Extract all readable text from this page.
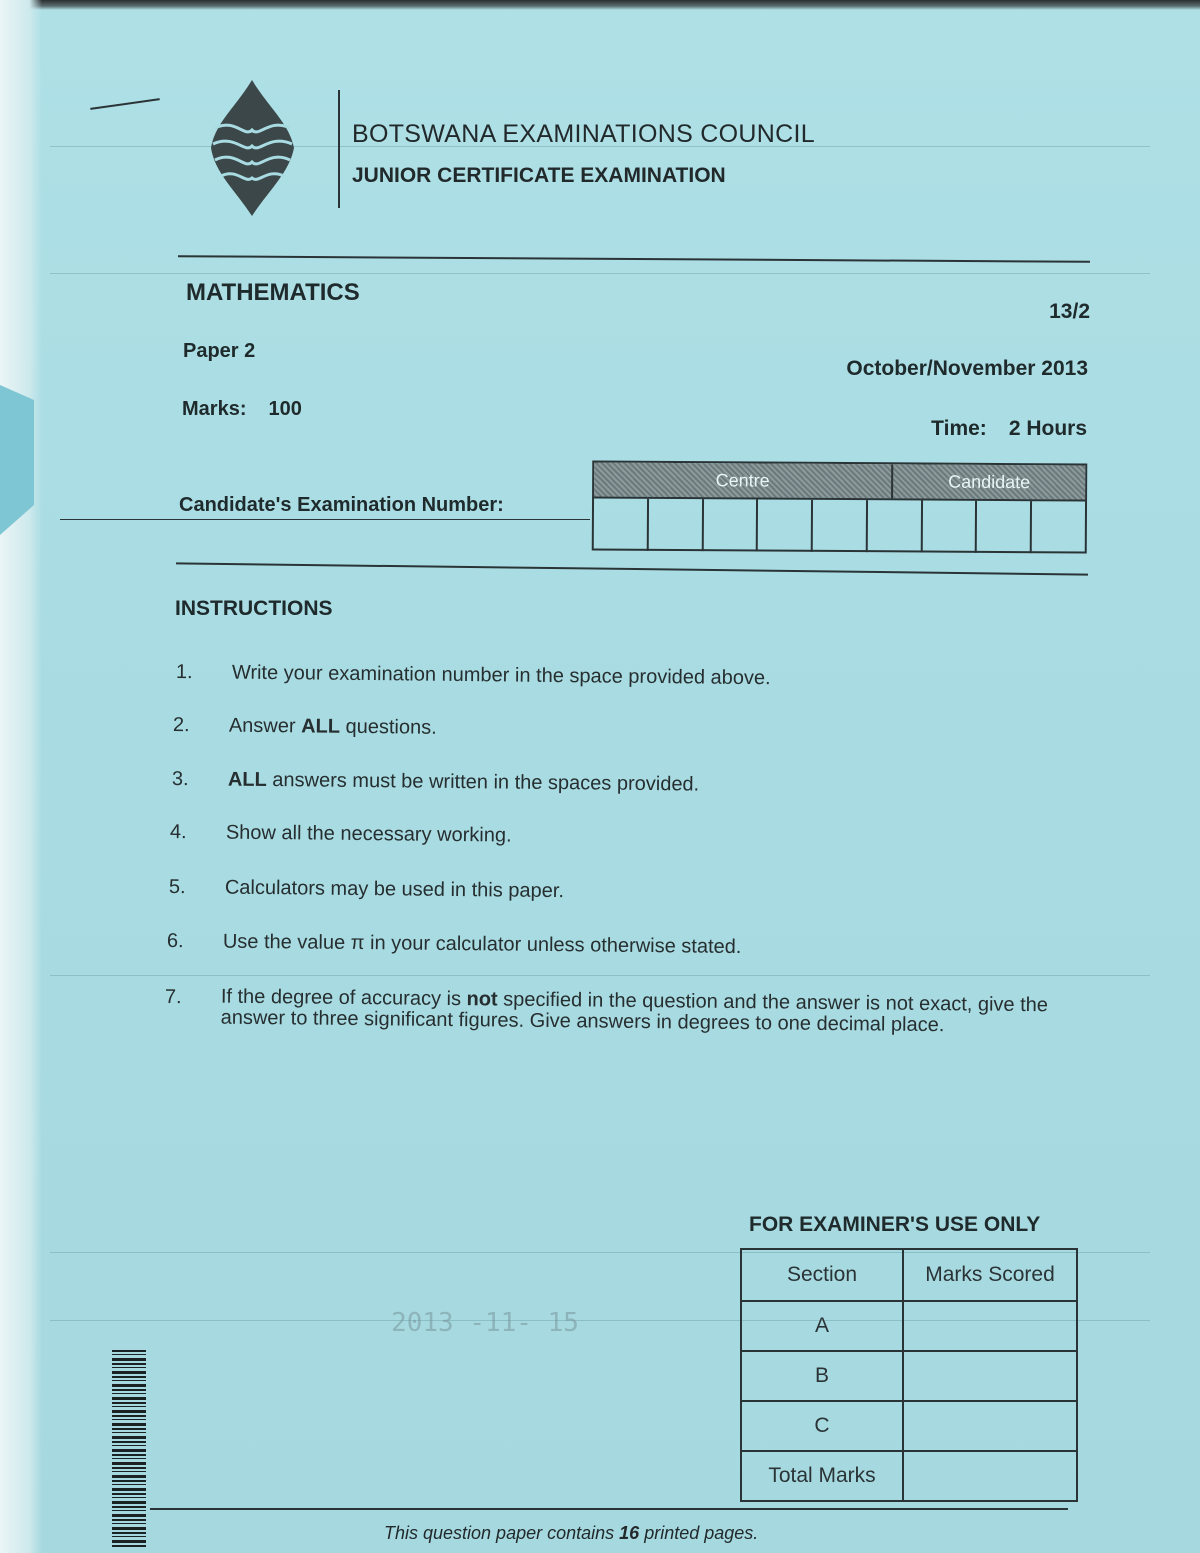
BOTSWANA EXAMINATIONS COUNCIL
JUNIOR CERTIFICATE EXAMINATION
MATHEMATICS
13/2
Paper 2
October/November 2013
Marks: 100
Time: 2 Hours
Candidate's Examination Number:
Centre	Candidate
INSTRUCTIONS
1. Write your examination number in the space provided above.
2. Answer ALL questions.
3. ALL answers must be written in the spaces provided.
4. Show all the necessary working.
5. Calculators may be used in this paper.
6. Use the value π in your calculator unless otherwise stated.
7. If the degree of accuracy is not specified in the question and the answer is not exact, give the answer to three significant figures. Give answers in degrees to one decimal place.
2013 -11- 15
FOR EXAMINER'S USE ONLY
Section	Marks Scored
A	
B	
C	
Total Marks	
This question paper contains 16 printed pages.
